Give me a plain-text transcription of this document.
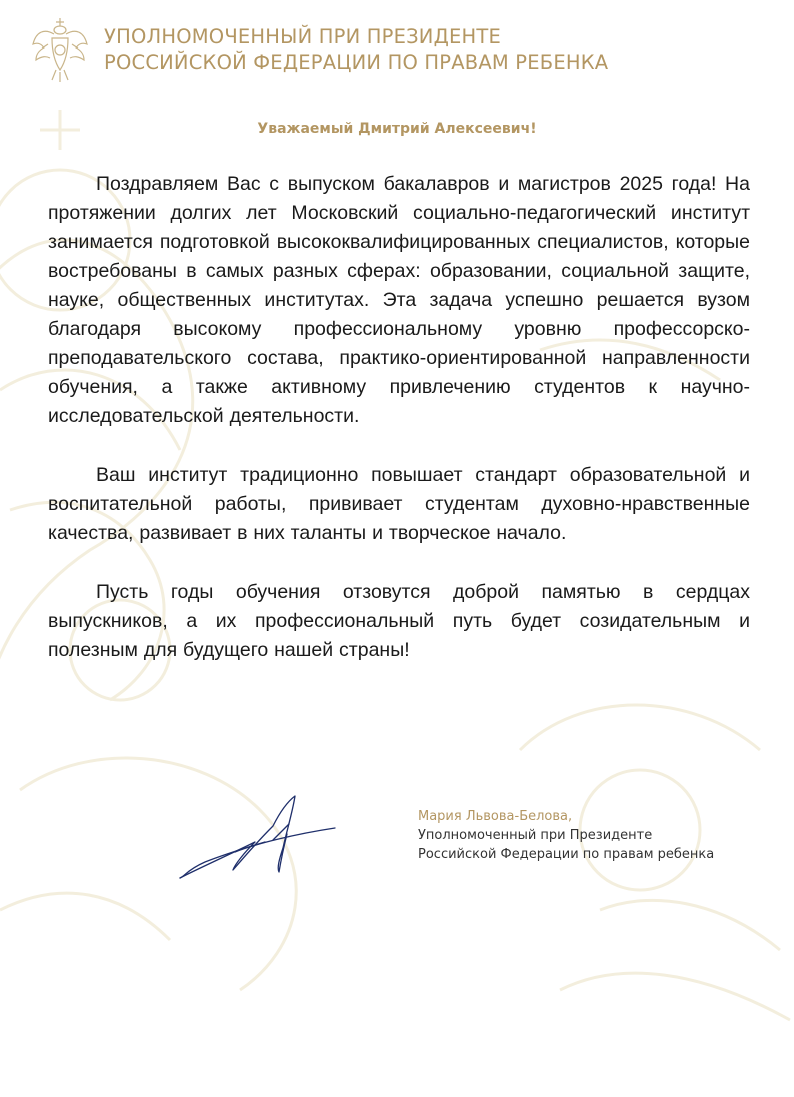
УПОЛНОМОЧЕННЫЙ ПРИ ПРЕЗИДЕНТЕ
РОССИЙСКОЙ ФЕДЕРАЦИИ ПО ПРАВАМ РЕБЕНКА
Уважаемый Дмитрий Алексеевич!

Поздравляем Вас с выпуском бакалавров и магистров 2025 года! На протяжении долгих лет Московский социально-педагогический институт занимается подготовкой высококвалифицированных специалистов, которые востребованы в самых разных сферах: образовании, социальной защите, науке, общественных институтах. Эта задача успешно решается вузом благодаря высокому профессиональному уровню профессорско-преподавательского состава, практико-ориентированной направленности обучения, а также активному привлечению студентов к научно-исследовательской деятельности.

Ваш институт традиционно повышает стандарт образовательной и воспитательной работы, прививает студентам духовно-нравственные качества, развивает в них таланты и творческое начало.

Пусть годы обучения отзовутся доброй памятью в сердцах выпускников, а их профессиональный путь будет созидательным и полезным для будущего нашей страны!

Мария Львова-Белова,
Уполномоченный при Президенте
Российской Федерации по правам ребенка
